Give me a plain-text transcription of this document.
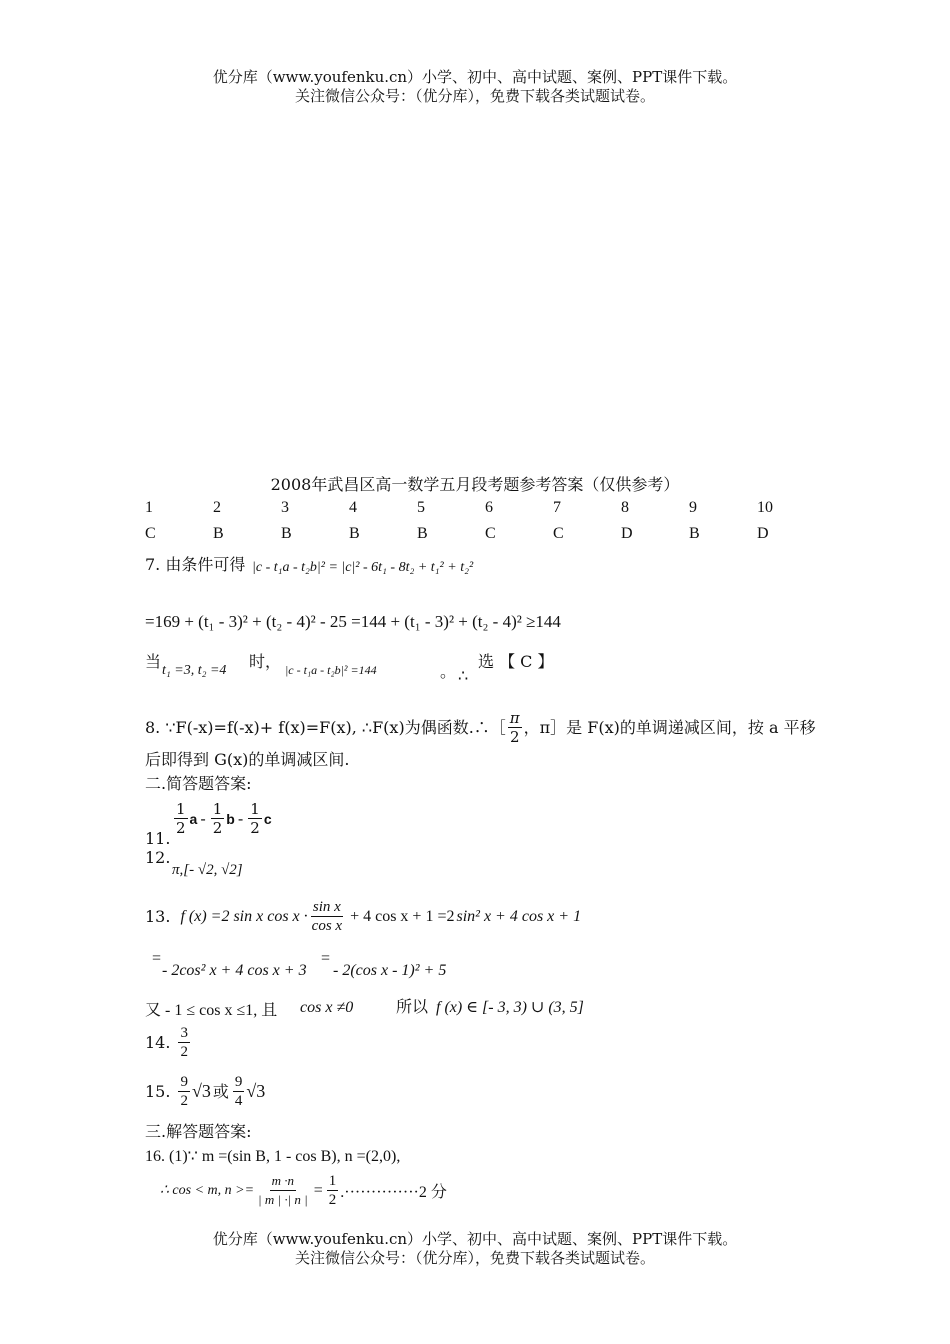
优分库（www.youfenku.cn）小学、初中、高中试题、案例、PPT课件下载。
关注微信公众号：（优分库），免费下载各类试题试卷。
2008年武昌区高一数学五月段考题参考答案（仅供参考）
1	2	3	4	5	6	7	8	9	10
C	B	B	B	B	C	C	D	B	D
7. 由条件可得 |c - t₁a - t₂b|² = |c|² - 6t₁ - 8t₂ + t₁² + t₂²
=169 + (t₁ - 3)² + (t₂ - 4)² - 25 =144 + (t₁ - 3)² + (t₂ - 4)² ≥144
当 t₁ =3, t₂ =4 时， |c - t₁a - t₂b|² =144	。 ∴
选 【 C 】
8. ∵F(-x)=f(-x)+ f(x)=F(x), ∴F(x)为偶函数.∴［ $\frac{\pi}{2}$ ，π］是 F(x)的单调递减区间，按 a 平移
后即得到 G(x)的单调减区间.
二.简答题答案:
11.
$\frac{1}{2}$ a - $\frac{1}{2}$ b - $\frac{1}{2}$ c
12.
π,[- √2, √2]
13. f (x) =2 sin x $\cos x \cdot \frac{\text{sin x}}{\text{cos x}} + 4$ cos x + 1 =2 sin² x + 4 cos x + 1
=
- 2cos² x + 4 cos x + 3
=
- 2(cos x - 1)² + 5
又 - 1 ≤ cos x ≤1, 且 cos x ≠0	所以 f (x) ∈ [- 3, 3) ∪ (3, 5]
14. $\frac{3}{2}$
15. $\frac{9}{2} √3$ 或 $\frac{9}{4} √3$
三.解答题答案:
16. (1)∵ m =(sin B, 1 - cos B), n =(2,0),
∴ cos < m, $n >= \frac{m \cdot n}{| m | \cdot| n |} = \frac{1}{2} .\cdot\cdot\cdot\cdot\cdot\cdot\cdot\cdot\cdot\cdot\cdot\cdot\cdot\cdot 2$ 分
优分库（www.youfenku.cn）小学、初中、高中试题、案例、PPT课件下载。
关注微信公众号：（优分库），免费下载各类试题试卷。
